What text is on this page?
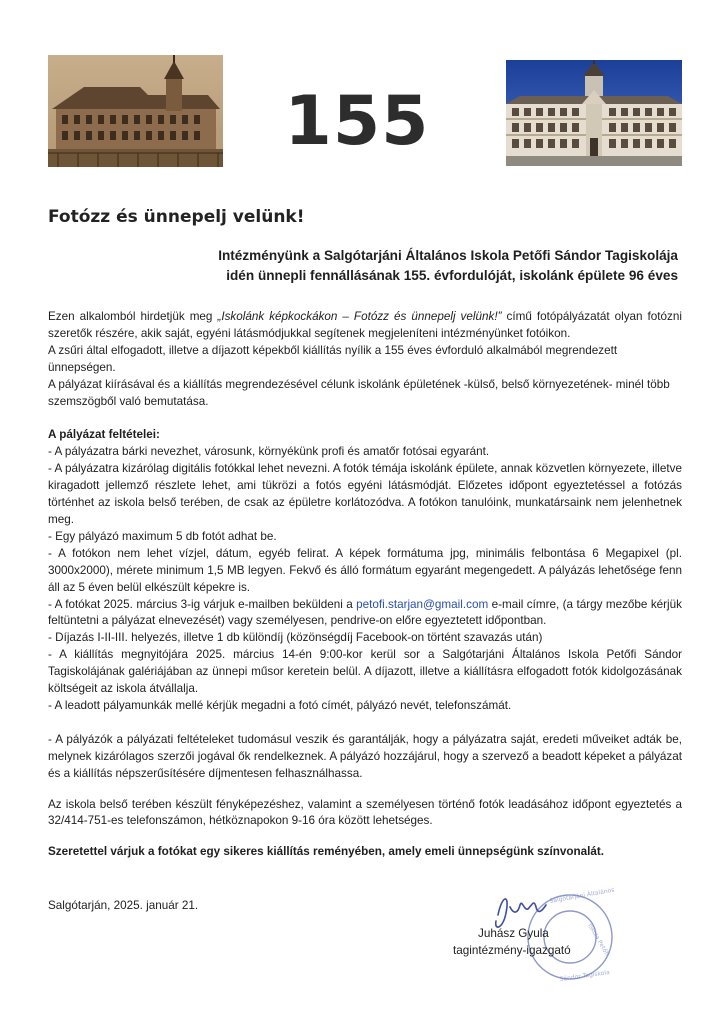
155
Fotózz és ünnepelj velünk!
Intézményünk a Salgótarjáni Általános Iskola Petőfi Sándor Tagiskolája
idén ünnepli fennállásának 155. évfordulóját, iskolánk épülete 96 éves

Ezen alkalomból hirdetjük meg „Iskolánk képkockákon – Fotózz és ünnepelj velünk!” című fotópályázatát olyan fotózni szeretők részére, akik saját, egyéni látásmódjukkal segítenek megjeleníteni intézményünket fotóikon.

A zsűri által elfogadott, illetve a díjazott képekből kiállítás nyílik a 155 éves évforduló alkalmából megrendezett ünnepségen.

A pályázat kiírásával és a kiállítás megrendezésével célunk iskolánk épületének -külső, belső környezetének- minél több szemszögből való bemutatása.

A pályázat feltételei:

- A pályázatra bárki nevezhet, városunk, környékünk profi és amatőr fotósai egyaránt.

- A pályázatra kizárólag digitális fotókkal lehet nevezni. A fotók témája iskolánk épülete, annak közvetlen környezete, illetve kiragadott jellemző részlete lehet, ami tükrözi a fotós egyéni látásmódját. Előzetes időpont egyeztetéssel a fotózás történhet az iskola belső terében, de csak az épületre korlátozódva. A fotókon tanulóink, munkatársaink nem jelenhetnek meg.

- Egy pályázó maximum 5 db fotót adhat be.

- A fotókon nem lehet vízjel, dátum, egyéb felirat. A képek formátuma jpg, minimális felbontása 6 Megapixel (pl. 3000x2000), mérete minimum 1,5 MB legyen. Fekvő és álló formátum egyaránt megengedett. A pályázás lehetősége fenn áll az 5 éven belül elkészült képekre is.

- A fotókat 2025. március 3-ig várjuk e-mailben beküldeni a petofi.starjan@gmail.com e-mail címre, (a tárgy mezőbe kérjük feltüntetni a pályázat elnevezését) vagy személyesen, pendrive-on előre egyeztetett időpontban.

- Díjazás I-II-III. helyezés, illetve 1 db különdíj (közönségdíj Facebook-on történt szavazás után)

- A kiállítás megnyitójára 2025. március 14-én 9:00-kor kerül sor a Salgótarjáni Általános Iskola Petőfi Sándor Tagiskolájának galériájában az ünnepi műsor keretein belül. A díjazott, illetve a kiállításra elfogadott fotók kidolgozásának költségeit az iskola átvállalja.

- A leadott pályamunkák mellé kérjük megadni a fotó címét, pályázó nevét, telefonszámát.

- A pályázók a pályázati feltételeket tudomásul veszik és garantálják, hogy a pályázatra saját, eredeti műveiket adták be, melynek kizárólagos szerzői jogával ők rendelkeznek. A pályázó hozzájárul, hogy a szervező a beadott képeket a pályázat és a kiállítás népszerűsítésére díjmentesen felhasználhassa.

Az iskola belső terében készült fényképezéshez, valamint a személyesen történő fotók leadásához időpont egyeztetés a 32/414-751-es telefonszámon, hétköznapokon 9-16 óra között lehetséges.

Szeretettel várjuk a fotókat egy sikeres kiállítás reményében, amely emeli ünnepségünk színvonalát.

Salgótarján, 2025. január 21.
Salgótarjáni Általános
Iskola Petőfi
Sándor Tagiskola
Juhász Gyula
tagintézmény-igazgató
